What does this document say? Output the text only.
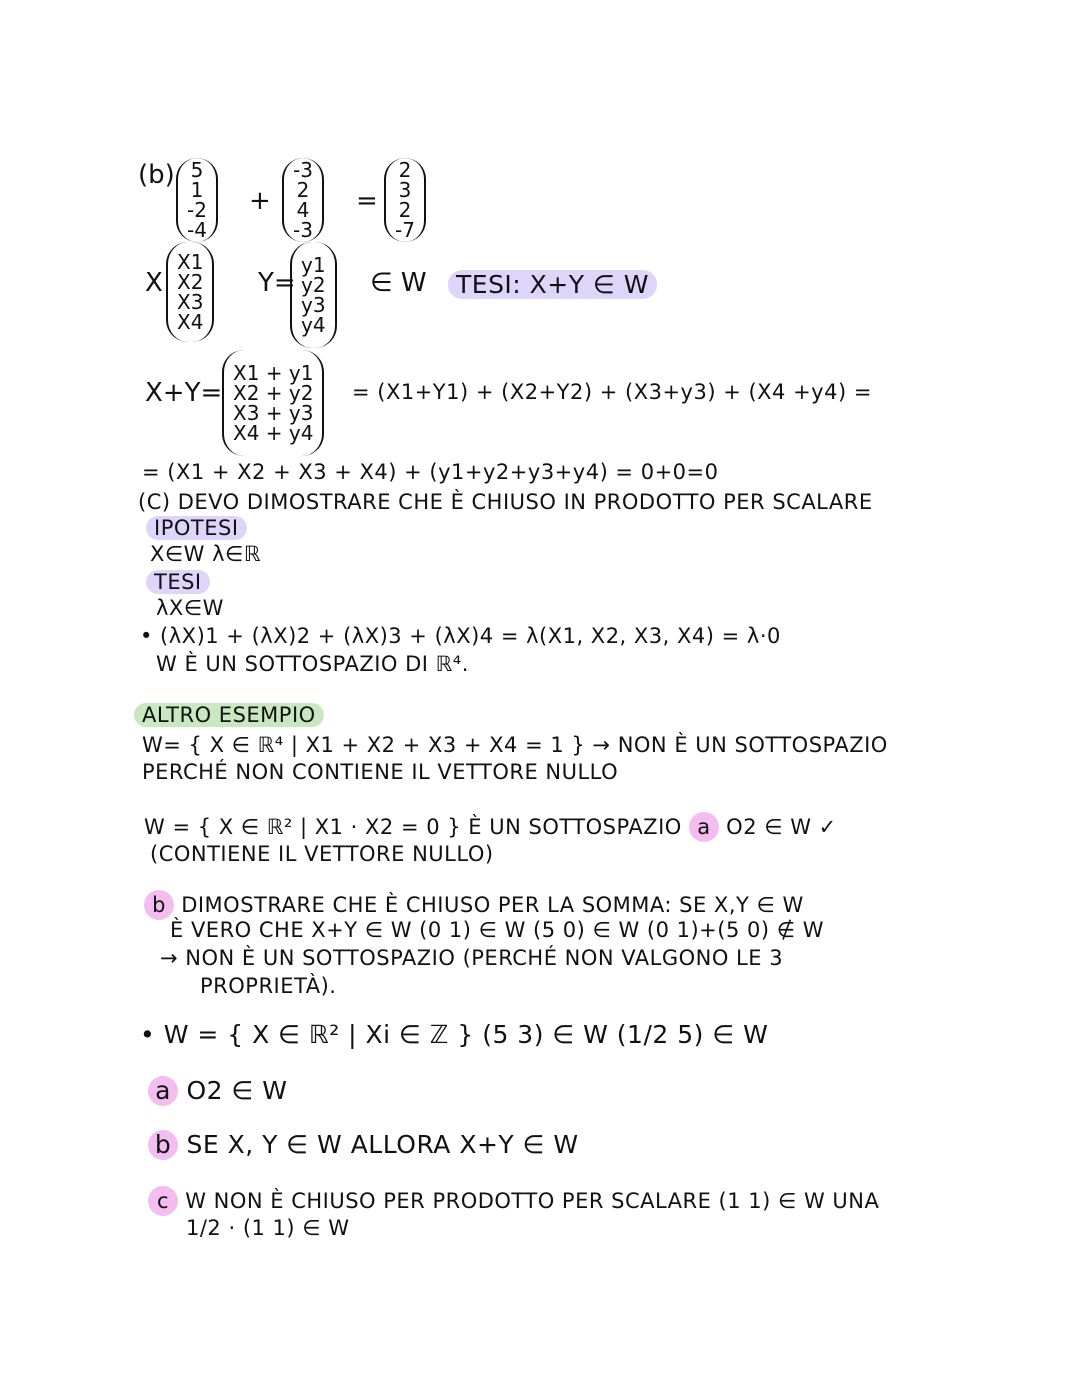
(b) 5
1
-2
-4
+
-3
2
4
-3
=
2
3
2
-7
X
X1
X2
X3
X4
Y=
y1
y2
y3
y4
∈ W	TESI: X+Y ∈ W
X+Y=
X1 + y1
X2 + y2
X3 + y3
X4 + y4
= (X1+Y1) + (X2+Y2) + (X3+y3) + (X4 +y4) =
= (X1 + X2 + X3 + X4) + (y1+y2+y3+y4) = 0+0=0
(C) DEVO DIMOSTRARE CHE È CHIUSO IN PRODOTTO PER SCALARE
IPOTESI
X∈W λ∈ℝ
TESI
λX∈W
• (λX)1 + (λX)2 + (λX)3 + (λX)4 = λ(X1, X2, X3, X4) = λ·0
W È UN SOTTOSPAZIO DI ℝ⁴.
ALTRO ESEMPIO
W= { X ∈ ℝ⁴ | X1 + X2 + X3 + X4 = 1 } → NON È UN SOTTOSPAZIO
PERCHÉ NON CONTIENE IL VETTORE NULLO
W = { X ∈ ℝ² | X1 · X2 = 0 } È UN SOTTOSPAZIO a O2 ∈ W ✓
(CONTIENE IL VETTORE NULLO)
b DIMOSTRARE CHE È CHIUSO PER LA SOMMA: SE X,Y ∈ W
È VERO CHE X+Y ∈ W (0 1) ∈ W (5 0) ∈ W (0 1)+(5 0) ∉ W
→ NON È UN SOTTOSPAZIO (PERCHÉ NON VALGONO LE 3
PROPRIETÀ).
• W = { X ∈ ℝ² | Xi ∈ ℤ } (5 3) ∈ W (1/2 5) ∈ W
a O2 ∈ W
b SE X, Y ∈ W ALLORA X+Y ∈ W
c W NON È CHIUSO PER PRODOTTO PER SCALARE (1 1) ∈ W UNA
1/2 · (1 1) ∈ W
